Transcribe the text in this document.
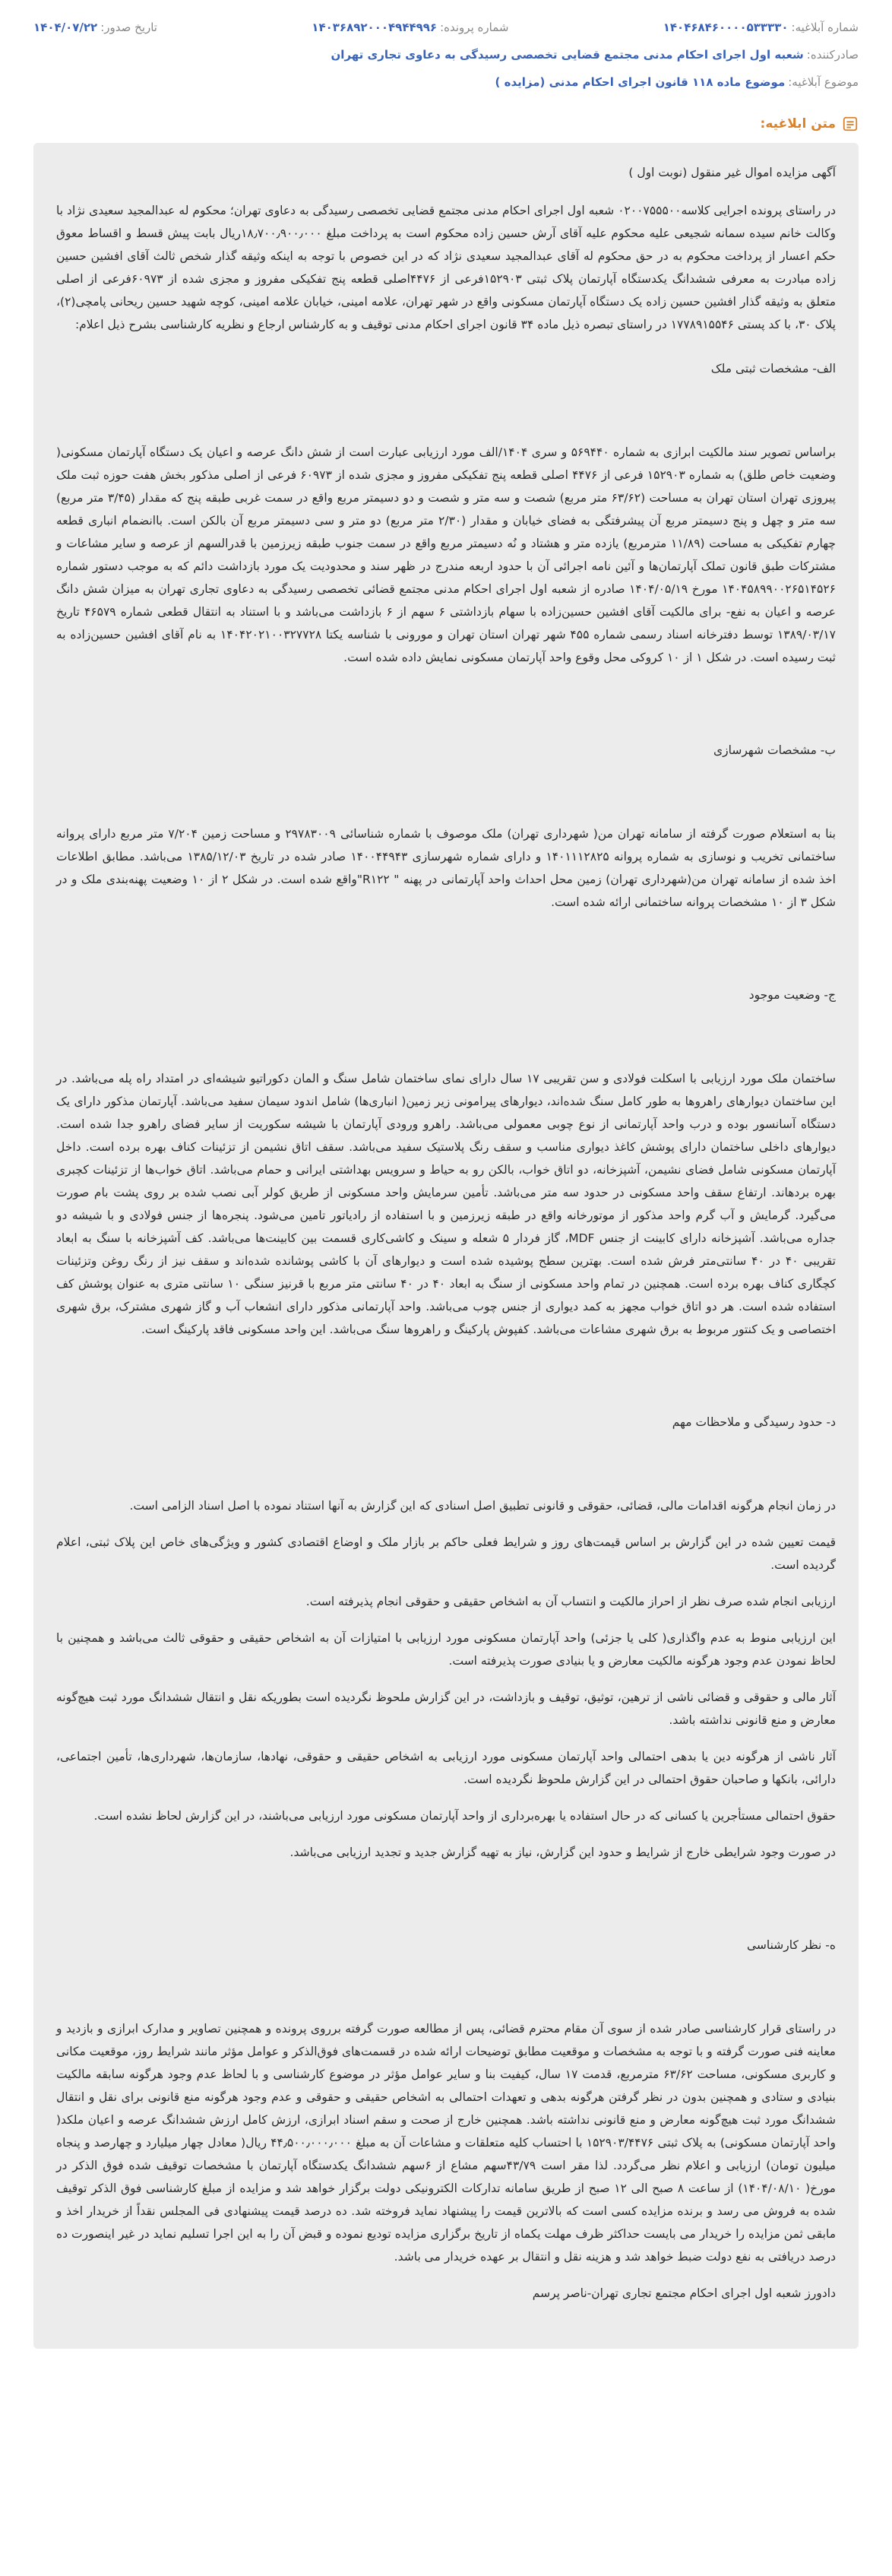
شماره آبلاغیه:۱۴۰۴۶۸۴۶۰۰۰۰۵۳۳۳۳۰
شماره پرونده:۱۴۰۳۶۸۹۲۰۰۰۴۹۴۴۹۹۶
تاریخ صدور:۱۴۰۴/۰۷/۲۲
صادرکننده:شعبه اول اجرای احکام مدنی مجتمع قضایی تخصصی رسیدگی به دعاوی تجاری تهران
موضوع آبلاغیه:موضوع ماده ۱۱۸ قانون اجرای احکام مدنی (مزایده )
متن ابلاغیه:

آگهی مزایده اموال غیر منقول (نوبت اول )

در راستای پرونده اجرایی کلاسه۰۲۰۰۷۵۵۵۰۰ شعبه اول اجرای احکام مدنی مجتمع قضایی تخصصی رسیدگی به دعاوی تهران؛ محکوم له عبدالمجید سعیدی نژاد با وکالت خانم سیده سمانه شجیعی علیه محکوم علیه آقای آرش حسین زاده محکوم است به پرداخت مبلغ ۱۸٫۷۰۰٫۹۰۰٫۰۰۰ریال بابت پیش قسط و اقساط معوق حکم اعسار از پرداخت محکوم به در حق محکوم له آقای عبدالمجید سعیدی نژاد که در این خصوص با توجه به اینکه وثیقه گذار شخص ثالث آقای افشین حسین زاده مبادرت به معرفی ششدانگ یکدستگاه آپارتمان پلاک ثبتی ۱۵۲۹۰۳فرعی از ۴۴۷۶اصلی قطعه پنج تفکیکی مفروز و مجزی شده از ۶۰۹۷۳فرعی از اصلی متعلق به وثیقه گذار افشین حسین زاده یک دستگاه آپارتمان مسکونی واقع در شهر تهران، علامه امینی، خیابان علامه امینی، کوچه شهید حسین ریحانی پامچی(۲)، پلاک ۳۰، با کد پستی ۱۷۷۸۹۱۵۵۴۶ در راستای تبصره ذیل ماده ۳۴ قانون اجرای احکام مدنی توقیف و به کارشناس ارجاع و نظریه کارشناسی بشرح ذیل اعلام:

الف- مشخصات ثبتی ملک

براساس تصویر سند مالکیت ابرازی به شماره ۵۶۹۴۴۰ و سری ۱۴۰۴/الف مورد ارزیابی عبارت است از شش دانگ عرصه و اعیان یک دستگاه آپارتمان مسکونی( وضعیت خاص طلق) به شماره ۱۵۲۹۰۳ فرعی از ۴۴۷۶ اصلی قطعه پنج تفکیکی مفروز و مجزی شده از ۶۰۹۷۳ فرعی از اصلی مذکور بخش هفت حوزه ثبت ملک پیروزی تهران استان تهران به مساحت (۶۳/۶۲ متر مربع) شصت و سه متر و شصت و دو دسیمتر مربع واقع در سمت غربی طبقه پنج که مقدار (۳/۴۵ متر مربع) سه متر و چهل و پنج دسیمتر مربع آن پیشرفتگی به فضای خیابان و مقدار (۲/۳۰ متر مربع) دو متر و سی دسیمتر مربع آن بالکن است. باانضمام انباری قطعه چهارم تفکیکی به مساحت (۱۱/۸۹ مترمربع) یازده متر و هشتاد و نُه دسیمتر مربع واقع در سمت جنوب طبقه زیرزمین با قدرالسهم از عرصه و سایر مشاعات و مشترکات طبق قانون تملک آپارتمان‌ها و آئین نامه اجرائی آن با حدود اربعه مندرج در ظهر سند و محدودیت یک مورد بازداشت دائم که به موجب دستور شماره ۱۴۰۴۵۸۹۹۰۰۲۶۵۱۴۵۲۶ مورخ ۱۴۰۴/۰۵/۱۹ صادره از شعبه اول اجرای احکام مدنی مجتمع قضائی تخصصی رسیدگی به دعاوی تجاری تهران به میزان شش دانگ عرصه و اعیان به نفع- برای مالکیت آقای افشین حسین‌زاده با سهام بازداشتی ۶ سهم از ۶ بازداشت می‌باشد و با استناد به انتقال قطعی شماره ۴۶۵۷۹ تاریخ ۱۳۸۹/۰۳/۱۷ توسط دفترخانه اسناد رسمی شماره ۴۵۵ شهر تهران استان تهران و مورونی با شناسه یکتا ۱۴۰۴۲۰۲۱۰۰۳۲۷۷۲۸ به نام آقای افشین حسین‌زاده به ثبت رسیده است. در شکل ۱ از ۱۰ کروکی محل وقوع واحد آپارتمان مسکونی نمایش داده شده است.

ب- مشخصات شهرسازی

بنا به استعلام صورت گرفته از سامانه تهران من( شهرداری تهران) ملک موصوف با شماره شناسائی ۲۹۷۸۳۰۰۹ و مساحت زمین ۷/۲۰۴ متر مربع دارای پروانه ساختمانی تخریب و نوسازی به شماره پروانه ۱۴۰۱۱۱۲۸۲۵ و دارای شماره شهرسازی ۱۴۰۰۴۴۹۴۳ صادر شده در تاریخ ۱۳۸۵/۱۲/۰۳ می‌باشد. مطابق اطلاعات اخذ شده از سامانه تهران من(شهرداری تهران) زمین محل احداث واحد آپارتمانی در پهنه " R۱۲۲"واقع شده است. در شکل ۲ از ۱۰ وضعیت پهنه‌بندی ملک و در شکل ۳ از ۱۰ مشخصات پروانه ساختمانی ارائه شده است.

ج- وضعیت موجود

ساختمان ملک مورد ارزیابی با اسکلت فولادی و سن تقریبی ۱۷ سال دارای نمای ساختمان شامل سنگ و المان دکوراتیو شیشه‌ای در امتداد راه پله می‌باشد. در این ساختمان دیوارهای راهروها به طور کامل سنگ شده‌اند، دیوارهای پیرامونی زیر زمین( انباری‌ها) شامل اندود سیمان سفید می‌باشد. آپارتمان مذکور دارای یک دستگاه آسانسور بوده و درب واحد آپارتمانی از نوع چوبی معمولی می‌باشد. راهرو ورودی آپارتمان با شیشه سکوریت از سایر فضای راهرو جدا شده است. دیوارهای داخلی ساختمان دارای پوشش کاغذ دیواری مناسب و سقف رنگ پلاستیک سفید می‌باشد. سقف اتاق نشیمن از تزئینات کناف بهره برده است. داخل آپارتمان مسکونی شامل فضای نشیمن، آشپزخانه، دو اتاق خواب، بالکن رو به حیاط و سرویس بهداشتی ایرانی و حمام می‌باشد. اتاق خواب‌ها از تزئینات کچبری بهره بردهاند. ارتفاع سقف واحد مسکونی در حدود سه متر می‌باشد. تأمین سرمایش واحد مسکونی از طریق کولر آبی نصب شده بر روی پشت بام صورت می‌گیرد. گرمایش و آب گرم واحد مذکور از موتورخانه واقع در طبقه زیرزمین و با استفاده از رادیاتور تامین می‌شود. پنجره‌ها از جنس فولادی و با شیشه دو جداره می‌باشد. آشپزخانه دارای کابینت از جنس MDF، گاز فردار ۵ شعله و سینک و کاشی‌کاری قسمت بین کابینت‌ها می‌باشد. کف آشپزخانه با سنگ به ابعاد تقریبی ۴۰ در ۴۰ سانتی‌متر فرش شده است. بهترین سطح پوشیده شده است و دیوارهای آن با کاشی پوشانده شده‌اند و سقف نیز از رنگ روغن وتزئینات کچگاری کناف بهره برده است. همچنین در تمام واحد مسکونی از سنگ به ابعاد ۴۰ در ۴۰ سانتی متر مربع با قرنیز سنگی ۱۰ سانتی متری به عنوان پوشش کف استفاده شده است. هر دو اتاق خواب مجهز به کمد دیواری از جنس چوب می‌باشد. واحد آپارتمانی مذکور دارای انشعاب آب و گاز شهری مشترک، برق شهری اختصاصی و یک کنتور مربوط به برق شهری مشاعات می‌باشد. کفپوش پارکینگ و راهروها سنگ می‌باشد. این واحد مسکونی فاقد پارکینگ است.

د- حدود رسیدگی و ملاحظات مهم

در زمان انجام هرگونه اقدامات مالی، قضائی، حقوقی و قانونی تطبیق اصل اسنادی که این گزارش به آنها استناد نموده با اصل اسناد الزامی است.

قیمت تعیین شده در این گزارش بر اساس قیمت‌های روز و شرایط فعلی حاکم بر بازار ملک و اوضاع اقتصادی کشور و ویژگی‌های خاص این پلاک ثبتی، اعلام گردیده است.

ارزیابی انجام شده صرف نظر از احراز مالکیت و انتساب آن به اشخاص حقیقی و حقوقی انجام پذیرفته است.

این ارزیابی منوط به عدم واگذاری( کلی یا جزئی) واحد آپارتمان مسکونی مورد ارزیابی با امتیازات آن به اشخاص حقیقی و حقوقی ثالث می‌باشد و همچنین با لحاظ نمودن عدم وجود هرگونه مالکیت معارض و یا بنیادی صورت پذیرفته است.

آثار مالی و حقوقی و قضائی ناشی از ترهین، توثیق، توقیف و بازداشت، در این گزارش ملحوظ نگردیده است بطوریکه نقل و انتقال ششدانگ مورد ثبت هیچ‌گونه معارض و منع قانونی نداشته باشد.

آثار ناشی از هرگونه دین یا بدهی احتمالی واحد آپارتمان مسکونی مورد ارزیابی به اشخاص حقیقی و حقوقی، نهادها، سازمان‌ها، شهرداری‌ها، تأمین اجتماعی، دارائی، بانکها و صاحبان حقوق احتمالی در این گزارش ملحوظ نگردیده است.

حقوق احتمالی مستأجرین یا کسانی که در حال استفاده یا بهره‌برداری از واحد آپارتمان مسکونی مورد ارزیابی می‌باشند، در این گزارش لحاظ نشده است.

در صورت وجود شرایطی خارج از شرایط و حدود این گزارش، نیاز به تهیه گزارش جدید و تجدید ارزیابی می‌باشد.

ه- نظر کارشناسی

در راستای قرار کارشناسی صادر شده از سوی آن مقام محترم قضائی، پس از مطالعه صورت گرفته برروی پرونده و همچنین تصاویر و مدارک ابرازی و بازدید و معاینه فنی صورت گرفته و با توجه به مشخصات و موقعیت مطابق توضیحات ارائه شده در قسمت‌های فوق‌الذکر و عوامل مؤثر مانند شرایط روز، موقعیت مکانی و کاربری مسکونی، مساحت ۶۳/۶۲ مترمربع، قدمت ۱۷ سال، کیفیت بنا و سایر عوامل مؤثر در موضوع کارشناسی و با لحاظ عدم وجود هرگونه سابقه مالکیت بنیادی و ستادی و همچنین بدون در نظر گرفتن هرگونه بدهی و تعهدات احتمالی به اشخاص حقیقی و حقوقی و عدم وجود هرگونه منع قانونی برای نقل و انتقال ششدانگ مورد ثبت هیچ‌گونه معارض و منع قانونی نداشته باشد. همچنین خارج از صحت و سقم اسناد ابرازی، ارزش کامل ارزش ششدانگ عرصه و اعیان ملکد( واحد آپارتمان مسکونی) به پلاک ثبتی ۱۵۲۹۰۳/۴۴۷۶ با احتساب کلیه متعلقات و مشاعات آن به مبلغ ۴۴٫۵۰۰٫۰۰۰٫۰۰۰ ریال( معادل چهار میلیارد و چهارصد و پنجاه میلیون تومان) ارزیابی و اعلام نظر می‌گردد. لذا مقر است ۴۳/۷۹سهم مشاع از ۶سهم ششدانگ یکدستگاه آپارتمان با مشخصات توقیف شده فوق الذکر در مورخ( ۱۴۰۴/۰۸/۱۰) از ساعت ۸ صبح الی ۱۲ صبح از طریق سامانه تدارکات الکترونیکی دولت برگزار خواهد شد و مزایده از مبلغ کارشناسی فوق الذکر توقیف شده به فروش می رسد و برنده مزایده کسی است که بالاترین قیمت را پیشنهاد نماید فروخته شد. ده درصد قیمت پیشنهادی فی المجلس نقداً از خریدار اخذ و مابقی ثمن مزایده را خریدار می بایست حداکثر ظرف مهلت یکماه از تاریخ برگزاری مزایده تودیع نموده و قبض آن را به این اجرا تسلیم نماید در غیر اینصورت ده درصد دریافتی به نفع دولت ضبط خواهد شد و هزینه نقل و انتقال بر عهده خریدار می باشد.

دادورز شعبه اول اجرای احکام مجتمع تجاری تهران-ناصر پرسم
